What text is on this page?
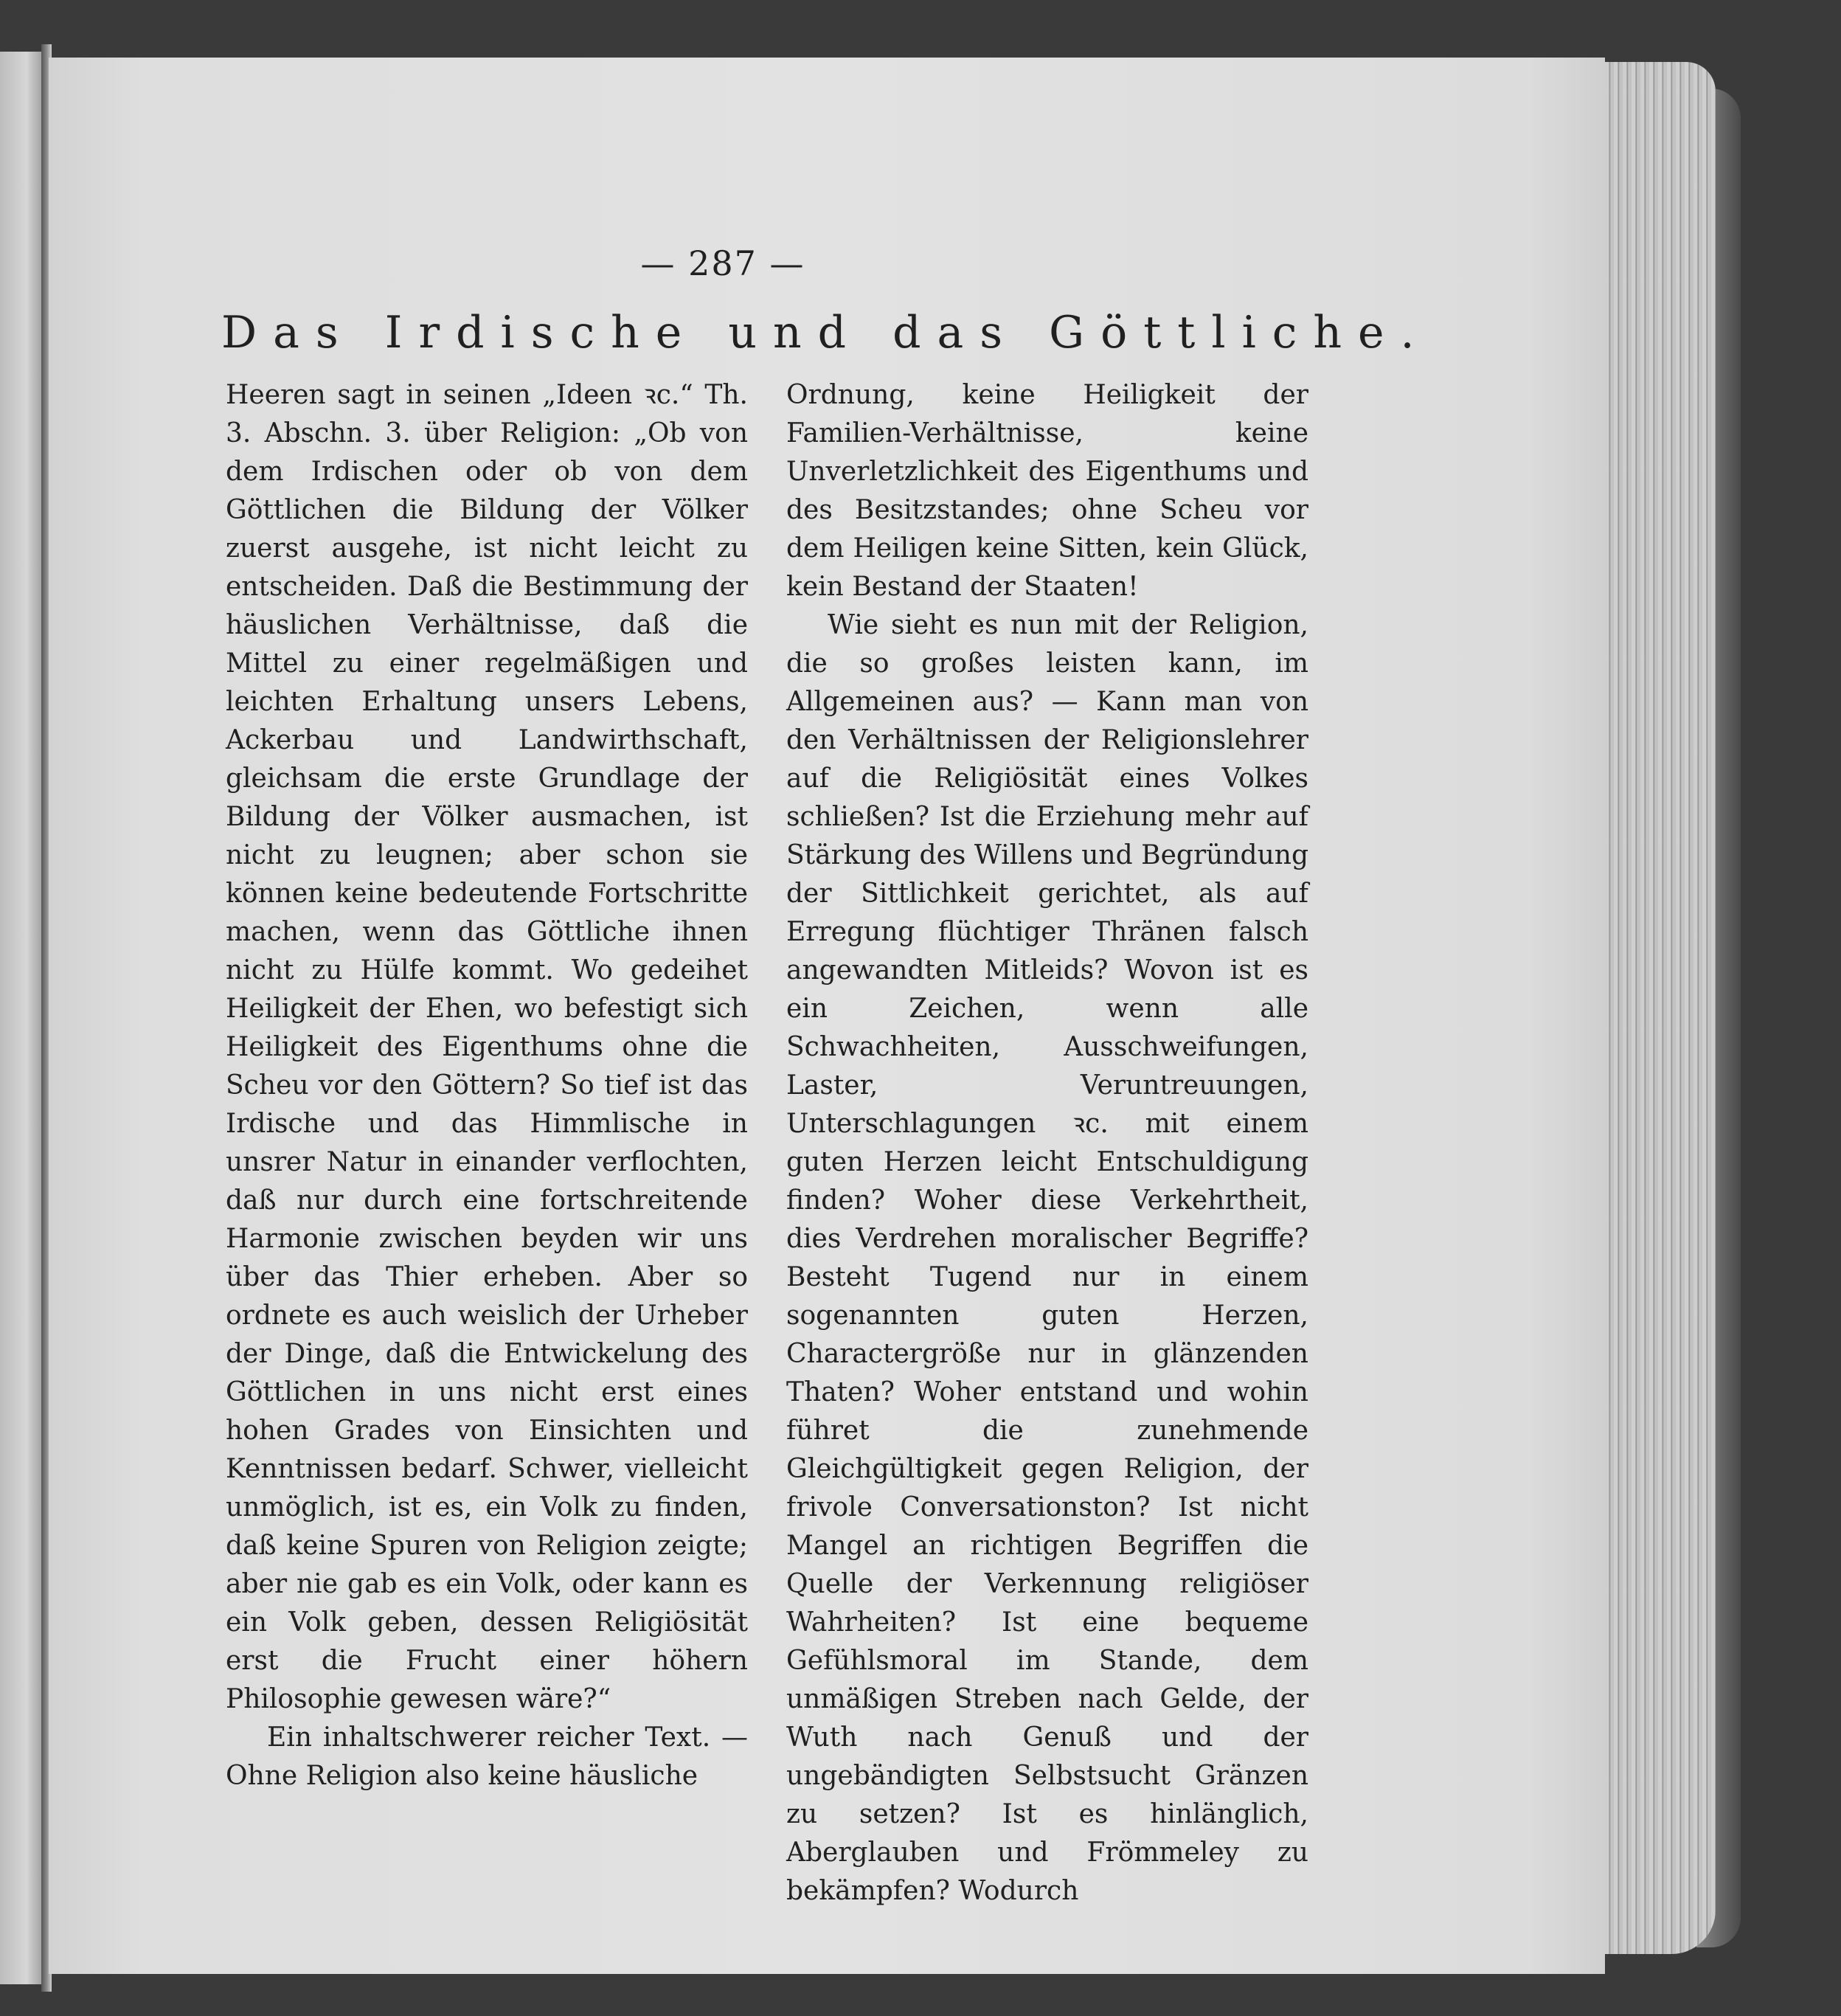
— 287 —
Das Irdische und das Göttliche.

Heeren sagt in seinen „Ideen ꝛc.“ Th. 3. Abschn. 3. über Religion: „Ob von dem Irdischen oder ob von dem Göttlichen die Bildung der Völker zuerst ausgehe, ist nicht leicht zu entscheiden. Daß die Bestimmung der häuslichen Verhältnisse, daß die Mittel zu einer regelmäßigen und leichten Erhaltung unsers Lebens, Ackerbau und Landwirthschaft, gleichsam die erste Grundlage der Bildung der Völker ausmachen, ist nicht zu leugnen; aber schon sie können keine bedeutende Fortschritte machen, wenn das Göttliche ihnen nicht zu Hülfe kommt. Wo gedeihet Heiligkeit der Ehen, wo befestigt sich Heiligkeit des Eigenthums ohne die Scheu vor den Göttern? So tief ist das Irdische und das Himmlische in unsrer Natur in einander verflochten, daß nur durch eine fortschreitende Harmonie zwischen beyden wir uns über das Thier erheben. Aber so ordnete es auch weislich der Urheber der Dinge, daß die Entwickelung des Göttlichen in uns nicht erst eines hohen Grades von Einsichten und Kenntnissen bedarf. Schwer, vielleicht unmöglich, ist es, ein Volk zu finden, daß keine Spuren von Religion zeigte; aber nie gab es ein Volk, oder kann es ein Volk geben, dessen Religiösität erst die Frucht einer höhern Philosophie gewesen wäre?“

Ein inhaltschwerer reicher Text. — Ohne Religion also keine häusliche

Ordnung, keine Heiligkeit der Familien-Verhältnisse, keine Unverletzlichkeit des Eigenthums und des Besitzstandes; ohne Scheu vor dem Heiligen keine Sitten, kein Glück, kein Bestand der Staaten!

Wie sieht es nun mit der Religion, die so großes leisten kann, im Allgemeinen aus? — Kann man von den Verhältnissen der Religionslehrer auf die Religiösität eines Volkes schließen? Ist die Erziehung mehr auf Stärkung des Willens und Begründung der Sittlichkeit gerichtet, als auf Erregung flüchtiger Thränen falsch angewandten Mitleids? Wovon ist es ein Zeichen, wenn alle Schwachheiten, Ausschweifungen, Laster, Veruntreuungen, Unterschlagungen ꝛc. mit einem guten Herzen leicht Entschuldigung finden? Woher diese Verkehrtheit, dies Verdrehen moralischer Begriffe? Besteht Tugend nur in einem sogenannten guten Herzen, Charactergröße nur in glänzenden Thaten? Woher entstand und wohin führet die zunehmende Gleichgültigkeit gegen Religion, der frivole Conversationston? Ist nicht Mangel an richtigen Begriffen die Quelle der Verkennung religiöser Wahrheiten? Ist eine bequeme Gefühlsmoral im Stande, dem unmäßigen Streben nach Gelde, der Wuth nach Genuß und der ungebändigten Selbstsucht Gränzen zu setzen? Ist es hinlänglich, Aberglauben und Frömmeley zu bekämpfen? Wodurch
